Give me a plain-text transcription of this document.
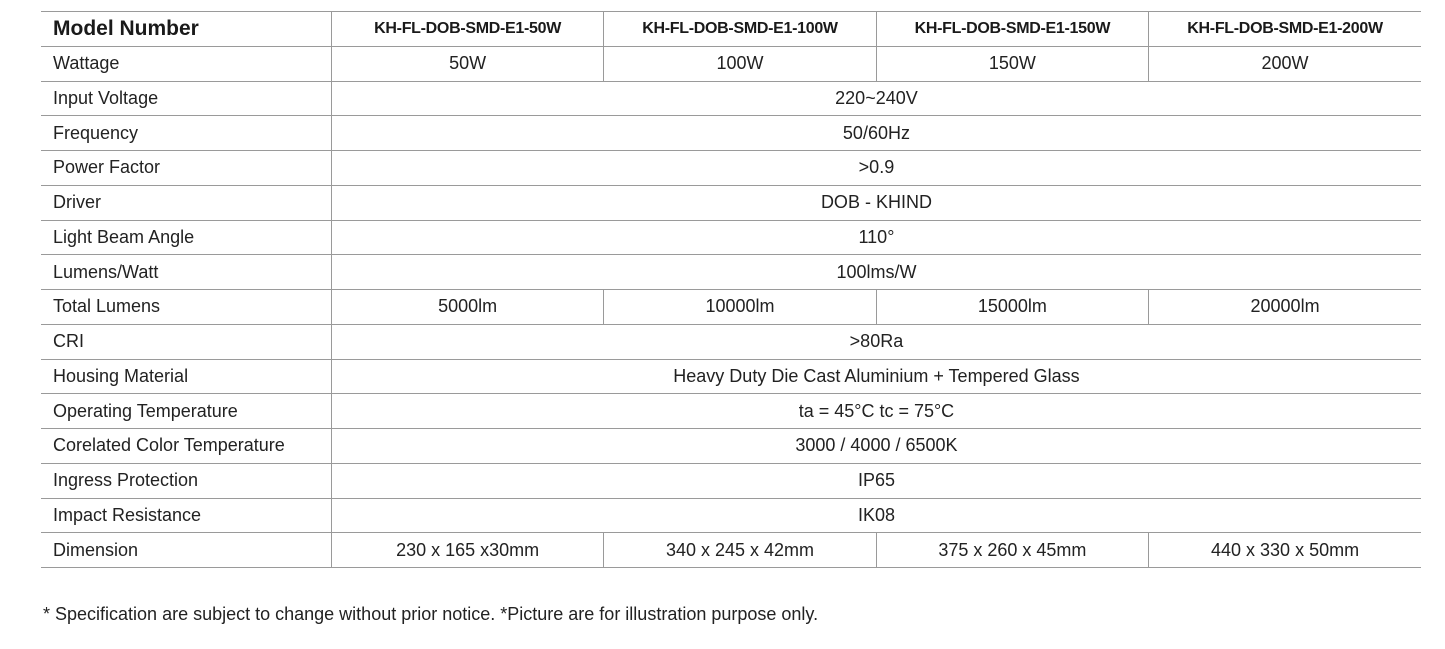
Model Number	KH-FL-DOB-SMD-E1-50W	KH-FL-DOB-SMD-E1-100W	KH-FL-DOB-SMD-E1-150W	KH-FL-DOB-SMD-E1-200W
Wattage	50W	100W	150W	200W
Input Voltage	220~240V			
Frequency	50/60Hz			
Power Factor	>0.9			
Driver	DOB - KHIND			
Light Beam Angle	110°			
Lumens/Watt	100lms/W			
Total Lumens	5000lm	10000lm	15000lm	20000lm
CRI	>80Ra			
Housing Material	Heavy Duty Die Cast Aluminium + Tempered Glass			
Operating Temperature	ta = 45°C tc = 75°C			
Corelated Color Temperature	3000 / 4000 / 6500K			
Ingress Protection	IP65			
Impact Resistance	IK08			
Dimension	230 x 165 x30mm	340 x 245 x 42mm	375 x 260 x 45mm	440 x 330 x 50mm
* Specification are subject to change without prior notice. *Picture are for illustration purpose only.
